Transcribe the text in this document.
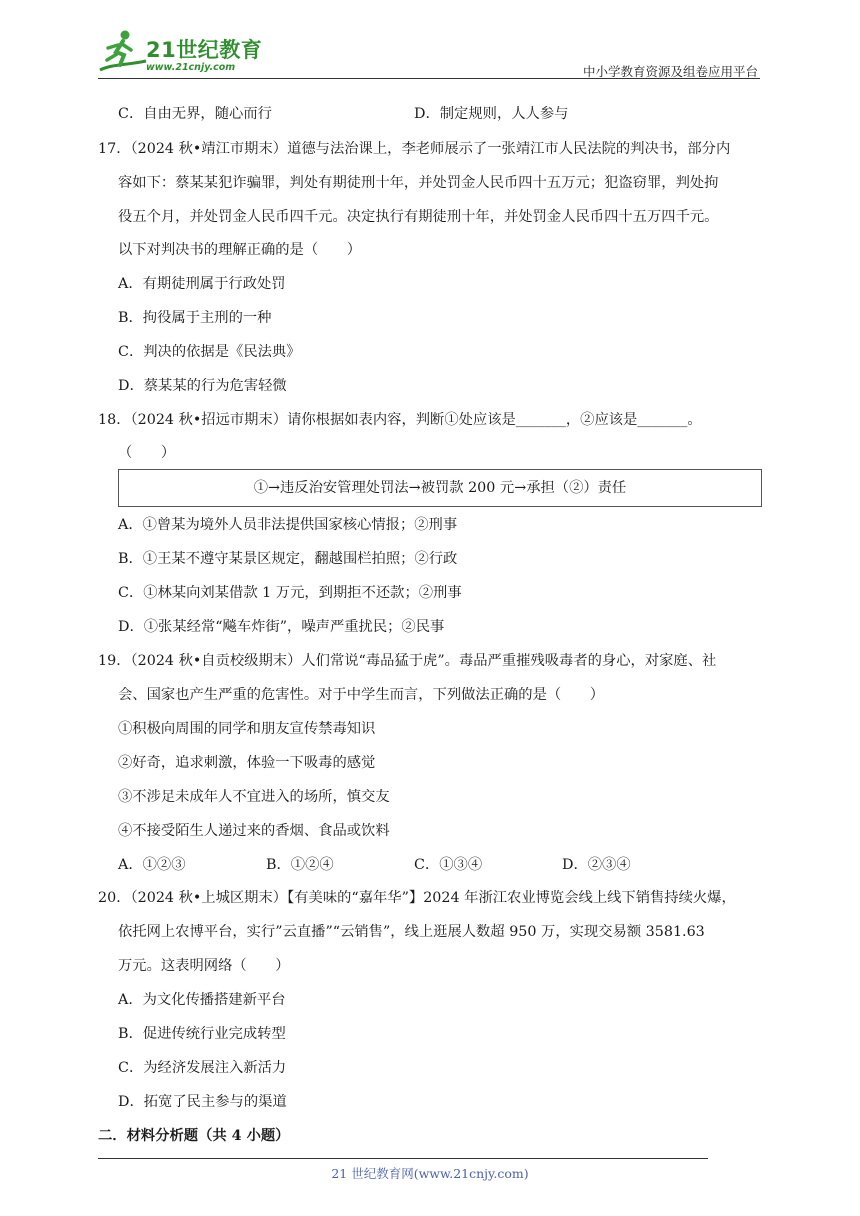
21世纪教育
www.21cnjy.com	中小学教育资源及组卷应用平台
C．自由无界，随心而行	D．制定规则，人人参与
17．（2024 秋•靖江市期末）道德与法治课上，李老师展示了一张靖江市人民法院的判决书，部分内
容如下：蔡某某犯诈骗罪，判处有期徒刑十年，并处罚金人民币四十五万元；犯盗窃罪，判处拘
役五个月，并处罚金人民币四千元。决定执行有期徒刑十年，并处罚金人民币四十五万四千元。
以下对判决书的理解正确的是（　　）
A．有期徒刑属于行政处罚
B．拘役属于主刑的一种
C．判决的依据是《民法典》
D．蔡某某的行为危害轻微
18．（2024 秋•招远市期末）请你根据如表内容，判断①处应该是_______，②应该是_______。
（　　）
①→违反治安管理处罚法→被罚款 200 元→承担（②）责任
A．①曾某为境外人员非法提供国家核心情报；②刑事
B．①王某不遵守某景区规定，翻越围栏拍照；②行政
C．①林某向刘某借款 1 万元，到期拒不还款；②刑事
D．①张某经常“飚车炸街”，噪声严重扰民；②民事
19．（2024 秋•自贡校级期末）人们常说“毒品猛于虎”。毒品严重摧残吸毒者的身心，对家庭、社
会、国家也产生严重的危害性。对于中学生而言，下列做法正确的是（　　）
①积极向周围的同学和朋友宣传禁毒知识
②好奇，追求刺激，体验一下吸毒的感觉
③不涉足未成年人不宜进入的场所，慎交友
④不接受陌生人递过来的香烟、食品或饮料
A．①②③	B．①②④	C．①③④	D．②③④
20．（2024 秋•上城区期末）【有美味的“嘉年华”】2024 年浙江农业博览会线上线下销售持续火爆，
依托网上农博平台，实行”云直播”“云销售”，线上逛展人数超 950 万，实现交易额 3581.63
万元。这表明网络（　　）
A．为文化传播搭建新平台
B．促进传统行业完成转型
C．为经济发展注入新活力
D．拓宽了民主参与的渠道
二．材料分析题（共 4 小题）
21 世纪教育网(www.21cnjy.com)
